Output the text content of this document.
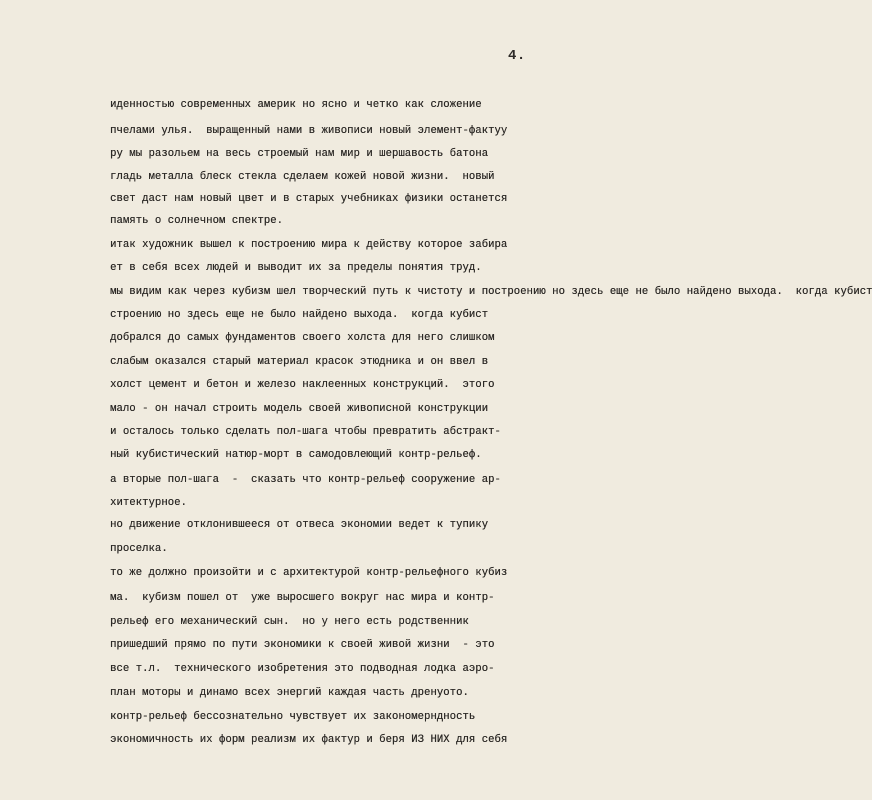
4.
иденностью современных америк но ясно и четко как сложение
пчелами улья.  выращенный нами в живописи новый элемент-фактуу
ру мы разольем на весь строемый нам мир и шершавость батона
гладь металла блеск стекла сделаем кожей новой жизни.  новый
свет даст нам новый цвет и в старых учебниках физики останется
память о солнечном спектре.
итак художник вышел к построению мира к действу которое забира
ет в себя всех людей и выводит их за пределы понятия труд.
мы видим как через кубизм шел творческий путь к чистоту и построению но здесь еще не было найдено выхода.  когда кубист
строению но здесь еще не было найдено выхода.  когда кубист
добрался до самых фундаментов своего холста для него слишком
слабым оказался старый материал красок этюдника и он ввел в
холст цемент и бетон и железо наклеенных конструкций.  этого
мало - он начал строить модель своей живописной конструкции
и осталось только сделать пол-шага чтобы превратить абстракт-
ный кубистический натюр-морт в самодовлеющий контр-рельеф.
а вторые пол-шага  -  сказать что контр-рельеф сооружение ар-
хитектурное.
но движение отклонившееся от отвеса экономии ведет к тупику
проселка.
то же должно произойти и с архитектурой контр-рельефного кубиз
ма.  кубизм пошел от  уже выросшего вокруг нас мира и контр-
рельеф его механический сын.  но у него есть родственник
пришедший прямо по пути экономики к своей живой жизни  - это
все т.л.  технического изобретения это подводная лодка аэро-
план моторы и динамо всех энергий каждая часть дренуото.
контр-рельеф бессознательно чувствует их закономерндность
экономичность их форм реализм их фактур и беря ИЗ НИХ для себя
